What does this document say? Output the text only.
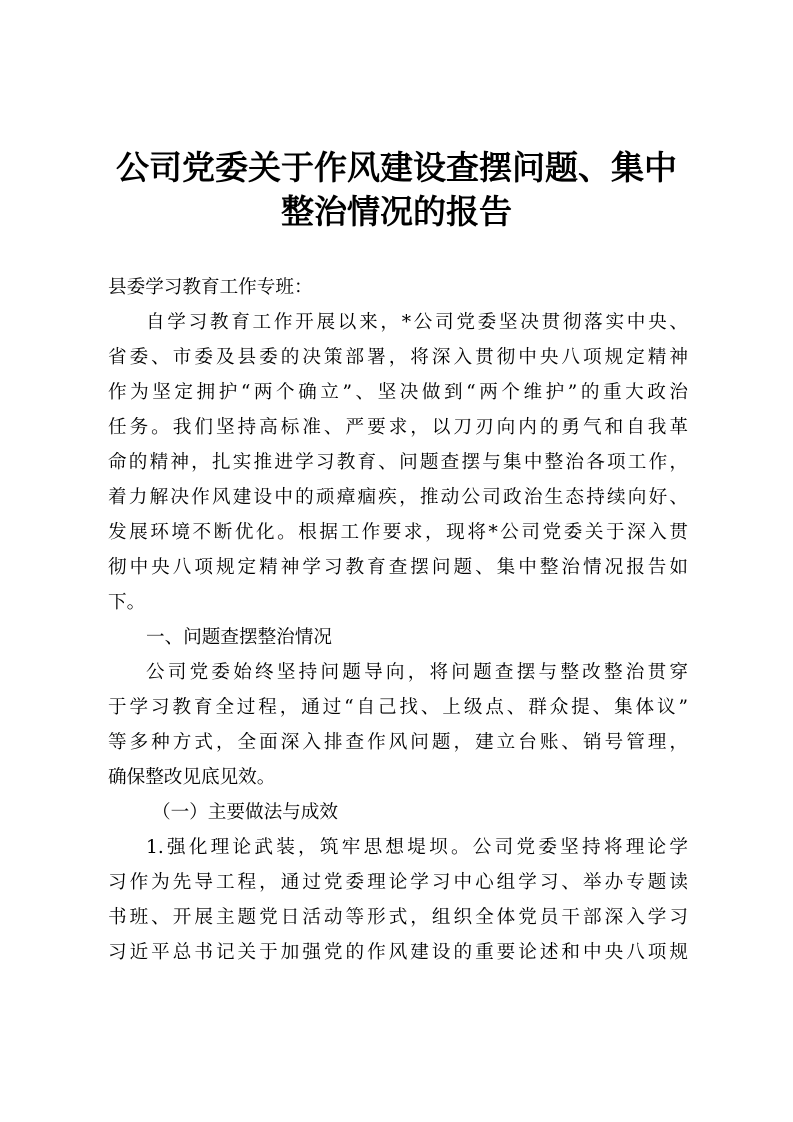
公司党委关于作风建设查摆问题、集中
整治情况的报告
县委学习教育工作专班：
自学习教育工作开展以来，*公司党委坚决贯彻落实中央、
省委、市委及县委的决策部署，将深入贯彻中央八项规定精神
作为坚定拥护“两个确立”、坚决做到“两个维护”的重大政治
任务。我们坚持高标准、严要求，以刀刃向内的勇气和自我革
命的精神，扎实推进学习教育、问题查摆与集中整治各项工作，
着力解决作风建设中的顽瘴痼疾，推动公司政治生态持续向好、
发展环境不断优化。根据工作要求，现将*公司党委关于深入贯
彻中央八项规定精神学习教育查摆问题、集中整治情况报告如
下。
一、问题查摆整治情况
公司党委始终坚持问题导向，将问题查摆与整改整治贯穿
于学习教育全过程，通过“自己找、上级点、群众提、集体议”
等多种方式，全面深入排查作风问题，建立台账、销号管理，
确保整改见底见效。
（一）主要做法与成效
1.强化理论武装，筑牢思想堤坝。公司党委坚持将理论学
习作为先导工程，通过党委理论学习中心组学习、举办专题读
书班、开展主题党日活动等形式，组织全体党员干部深入学习
习近平总书记关于加强党的作风建设的重要论述和中央八项规
